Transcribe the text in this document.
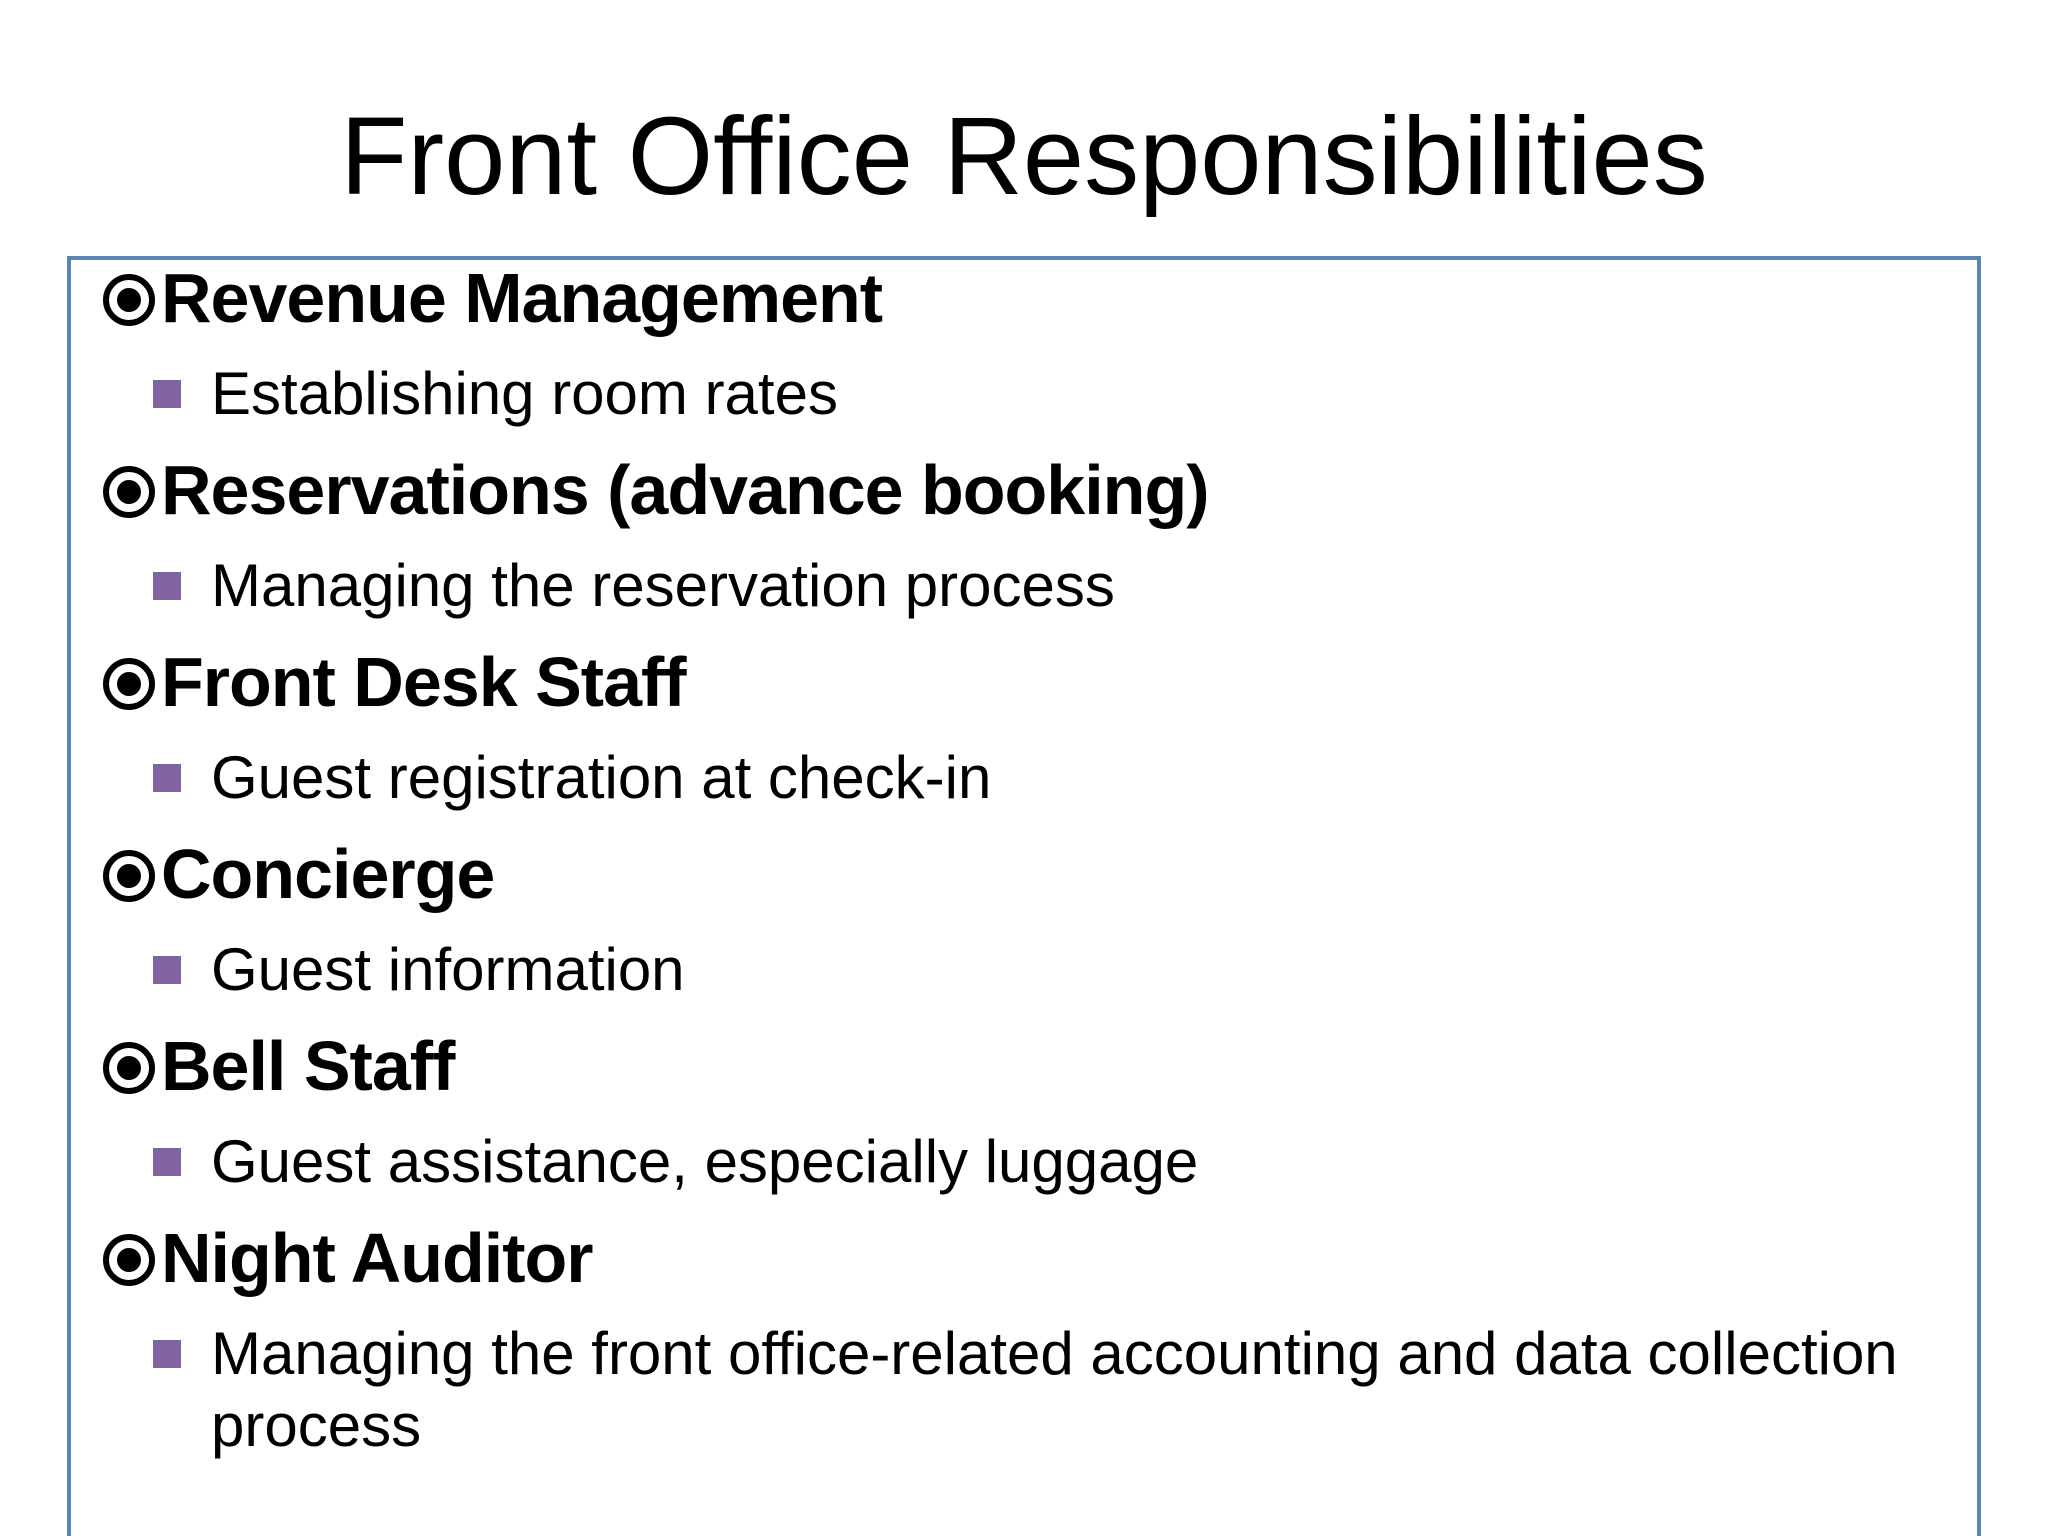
Front Office Responsibilities
Revenue Management
Establishing room rates
Reservations (advance booking)
Managing the reservation process
Front Desk Staff
Guest registration at check-in
Concierge
Guest information
Bell Staff
Guest assistance, especially luggage
Night Auditor
Managing the front office-related accounting and data collection process
